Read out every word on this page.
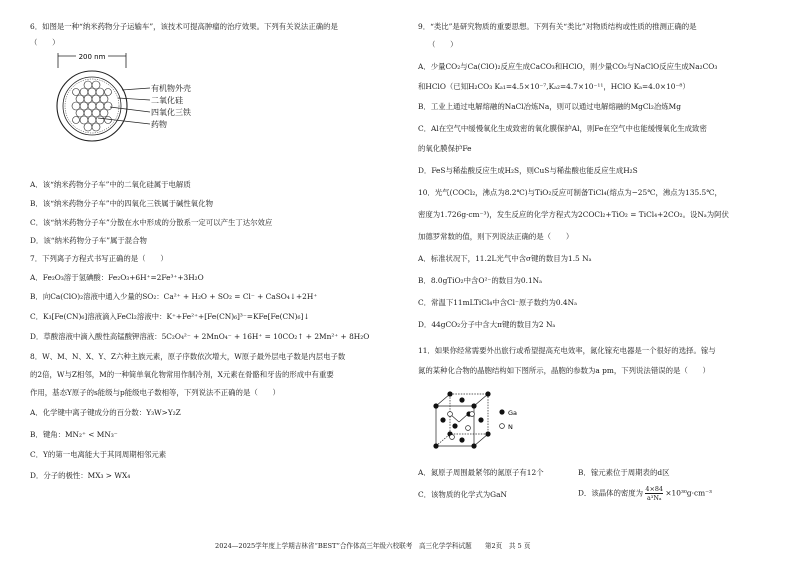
6．如图是一种“纳米药物分子运输车”，该技术可提高肿瘤的治疗效果。下列有关说法正确的是
（　　）
200 nm
有机物外壳
二氧化硅
四氧化三铁
药物
A．该“纳米药物分子车”中的二氧化硅属于电解质
B．该“纳米药物分子车”中的四氧化三铁属于碱性氧化物
C．该“纳米药物分子车”分散在水中形成的分散系一定可以产生丁达尔效应
D．该“纳米药物分子车”属于混合物
7．下列离子方程式书写正确的是（　　）
A．Fe₂O₃溶于氢碘酸：Fe₂O₃+6H⁺=2Fe³⁺+3H₂O
B．向Ca(ClO)₂溶液中通入少量的SO₂：Ca²⁺ + H₂O + SO₂ = Cl⁻ + CaSO₄↓+2H⁺
C．K₃[Fe(CN)₆]溶液滴入FeCl₂溶液中：K⁺+Fe²⁺+[Fe(CN)₆]³⁻=KFe[Fe(CN)₆]↓
D．草酸溶液中滴入酸性高锰酸钾溶液：5C₂O₄²⁻ + 2MnO₄⁻ + 16H⁺ = 10CO₂↑ + 2Mn²⁺ + 8H₂O
8．W、M、N、X、Y、Z六种主族元素，原子序数依次增大，W原子最外层电子数是内层电子数
的2倍，W与Z相邻，M的一种简单氧化物常用作制冷剂，X元素在骨骼和牙齿的形成中有重要
作用，基态Y原子的s能级与p能级电子数相等，下列说法不正确的是（　　）
A．化学键中离子键成分的百分数：Y₃W>Y₂Z
B．键角：MN₂⁺ < MN₃⁻
C．Y的第一电离能大于其同周期相邻元素
D．分子的极性：MX₃ > WX₄
9．“类比”是研究物质的重要思想。下列有关“类比”对物质结构或性质的推测正确的是
（　　）
A．少量CO₂与Ca(ClO)₂反应生成CaCO₃和HClO，则少量CO₂与NaClO反应生成Na₂CO₃
和HClO（已知H₂CO₃ Kₐ₁=4.5×10⁻⁷,Kₐ₂=4.7×10⁻¹¹，HClO Kₐ=4.0×10⁻⁸）
B．工业上通过电解熔融的NaCl冶炼Na，则可以通过电解熔融的MgCl₂冶炼Mg
C．Al在空气中缓慢氧化生成致密的氧化膜保护Al，则Fe在空气中也能缓慢氧化生成致密
的氧化膜保护Fe
D．FeS与稀盐酸反应生成H₂S，则CuS与稀盐酸也能反应生成H₂S
10．光气(COCl₂，沸点为8.2℃)与TiO₂反应可制备TiCl₄(熔点为−25℃，沸点为135.5℃，
密度为1.726g·cm⁻³)，发生反应的化学方程式为2COCl₂+TiO₂ = TiCl₄+2CO₂。设Nₐ为阿伏
加德罗常数的值，则下列说法正确的是（　　）
A．标准状况下，11.2L光气中含σ键的数目为1.5 Nₐ
B．8.0gTiO₂中含O²⁻的数目为0.1Nₐ
C．常温下11mLTiCl₄中含Cl⁻原子数约为0.4Nₐ
D．44gCO₂分子中含大π键的数目为2 Nₐ
11．如果你经常需要外出旅行或希望提高充电效率，氮化镓充电器是一个很好的选择。镓与
氮的某种化合物的晶胞结构如下图所示，晶胞的参数为a pm，下列说法错误的是（　　）
Ga
N
A．氮原子周围最紧邻的氮原子有12个	B．镓元素位于周期表的d区
C．该物质的化学式为GaN	D．该晶体的密度为 $\frac{4\times 84}{\text{a³Nₐ}} \times 10^{30}g\cdot cm^{-3}$
2024—2025学年度上学期吉林省“BEST”合作体高三年级六校联考　高三化学学科试题　　第2页　共 5 页
